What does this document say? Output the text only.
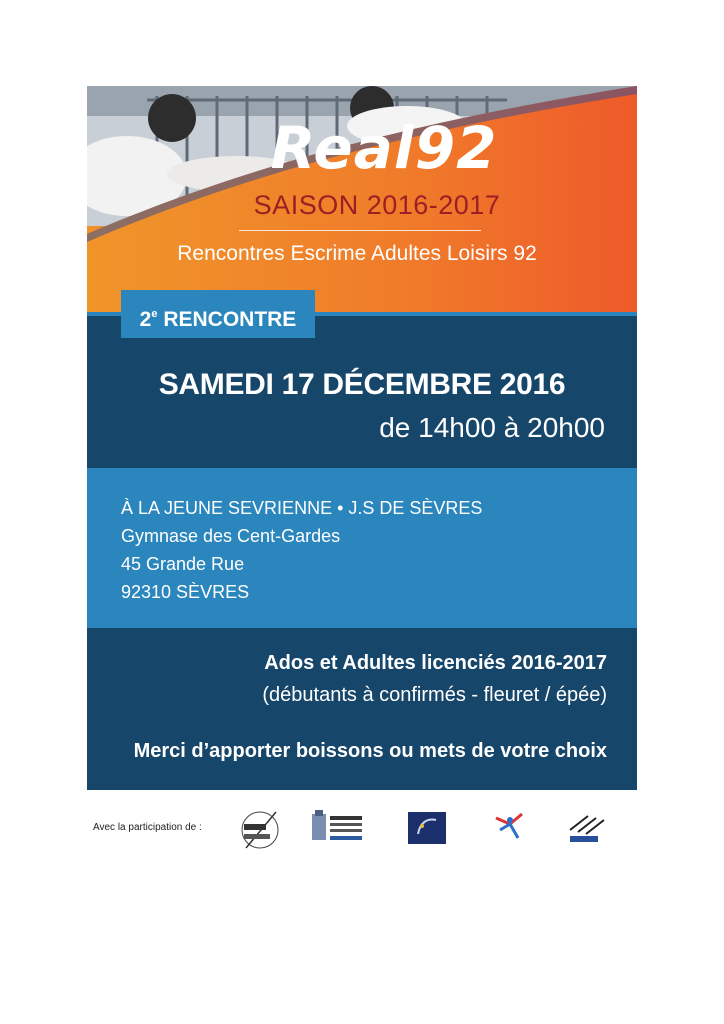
Real92
SAISON 2016-2017
Rencontres Escrime Adultes Loisirs 92
2e RENCONTRE
SAMEDI 17 DÉCEMBRE 2016
de 14h00 à 20h00
À LA JEUNE SEVRIENNE • J.S DE SÈVRES
Gymnase des Cent-Gardes
45 Grande Rue
92310 SÈVRES
Ados et Adultes licenciés 2016-2017
(débutants à confirmés - fleuret / épée)
Merci d’apporter boissons ou mets de votre choix
Avec la participation de :
